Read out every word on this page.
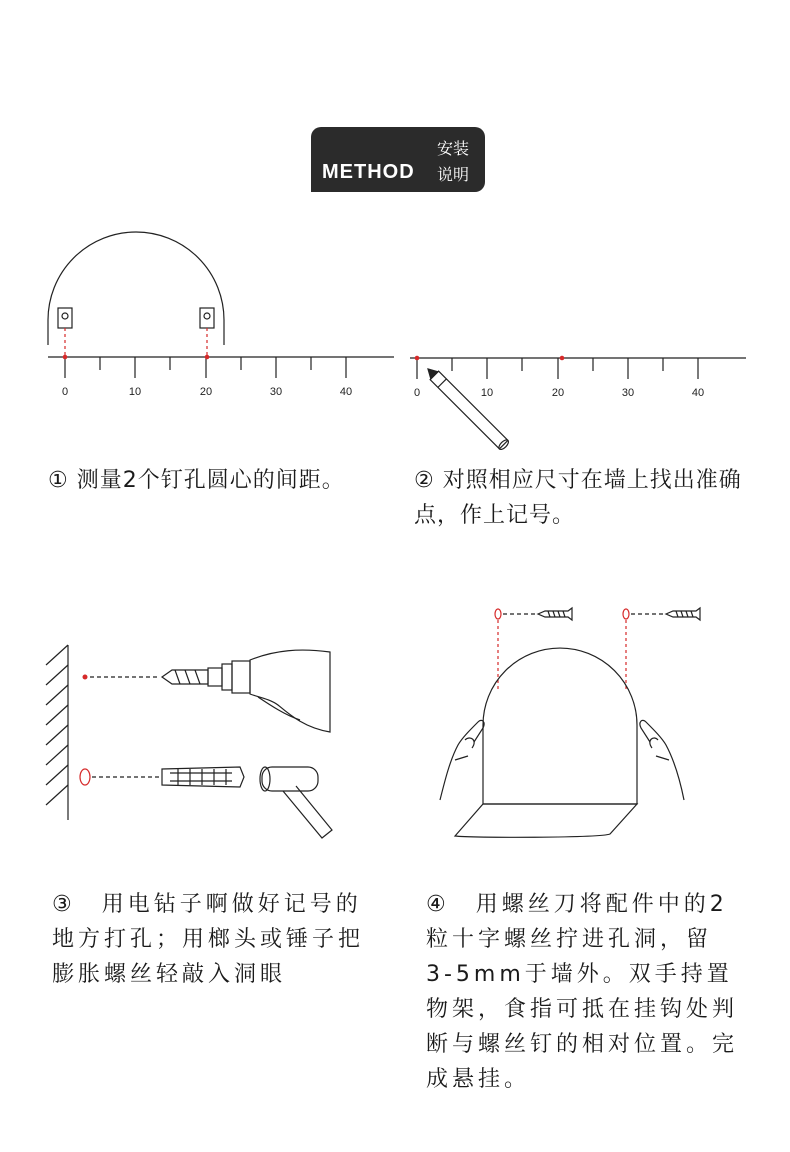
METHOD
安装
说明
0	10	20	30	40	0	10	20	30	40

① 测量2个钉孔圆心的间距。	② 对照相应尺寸在墙上找出准确点，作上记号。

③　用电钻子啊做好记号的地方打孔；用榔头或锤子把膨胀螺丝轻敲入洞眼

④　用螺丝刀将配件中的2粒十字螺丝拧进孔洞，留3-5mm于墙外。双手持置物架，食指可抵在挂钩处判断与螺丝钉的相对位置。完成悬挂。
